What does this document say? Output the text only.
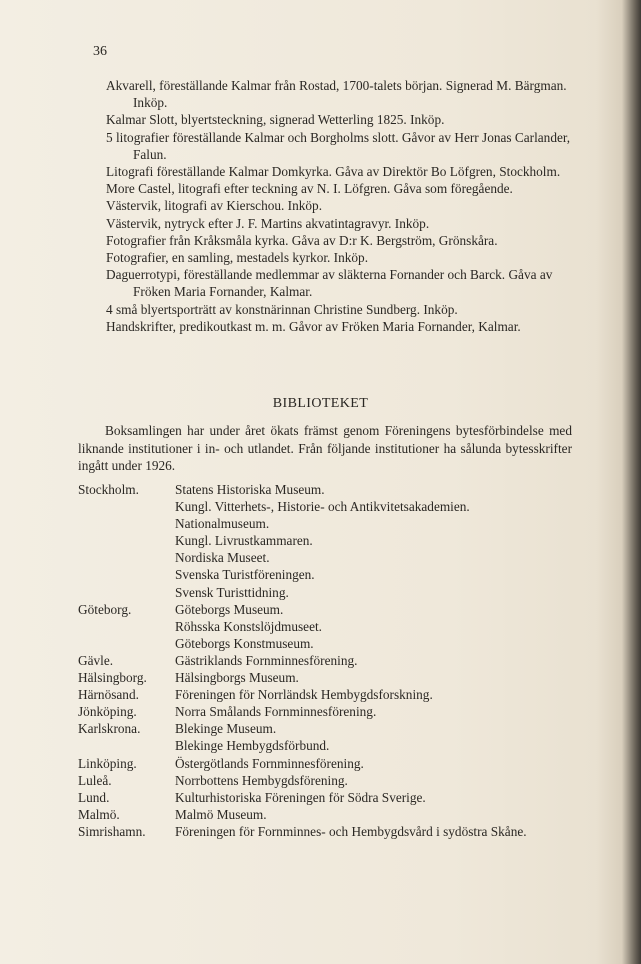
36
Akvarell, föreställande Kalmar från Rostad, 1700-talets början. Signerad M. Bärgman. Inköp.
Kalmar Slott, blyertsteckning, signerad Wetterling 1825. Inköp.
5 litografier föreställande Kalmar och Borgholms slott. Gåvor av Herr Jonas Carlander, Falun.
Litografi föreställande Kalmar Domkyrka. Gåva av Direktör Bo Löfgren, Stockholm.
More Castel, litografi efter teckning av N. I. Löfgren. Gåva som föregående.
Västervik, litografi av Kierschou. Inköp.
Västervik, nytryck efter J. F. Martins akvatintagravyr. Inköp.
Fotografier från Kråksmåla kyrka. Gåva av D:r K. Bergström, Grönskåra.
Fotografier, en samling, mestadels kyrkor. Inköp.
Daguerrotypi, föreställande medlemmar av släkterna Fornander och Barck. Gåva av Fröken Maria Fornander, Kalmar.
4 små blyertsporträtt av konstnärinnan Christine Sundberg. Inköp.
Handskrifter, predikoutkast m. m. Gåvor av Fröken Maria Fornander, Kalmar.
BIBLIOTEKET

Boksamlingen har under året ökats främst genom Föreningens bytesförbindelse med liknande institutioner i in- och utlandet. Från följande institutioner ha sålunda bytesskrifter ingått under 1926.

Stockholm.	Statens Historiska Museum.
Kungl. Vitterhets-, Historie- och Antikvitetsakademien.
Nationalmuseum.
Kungl. Livrustkammaren.
Nordiska Museet.
Svenska Turistföreningen.
Svensk Turisttidning.
Göteborg.	Göteborgs Museum.
Röhsska Konstslöjdmuseet.
Göteborgs Konstmuseum.
Gävle.	Gästriklands Fornminnesförening.
Hälsingborg.	Hälsingborgs Museum.
Härnösand.	Föreningen för Norrländsk Hembygdsforskning.
Jönköping.	Norra Smålands Fornminnesförening.
Karlskrona.	Blekinge Museum.
Blekinge Hembygdsförbund.
Linköping.	Östergötlands Fornminnesförening.
Luleå.	Norrbottens Hembygdsförening.
Lund.	Kulturhistoriska Föreningen för Södra Sverige.
Malmö.	Malmö Museum.
Simrishamn.	Föreningen för Fornminnes- och Hembygdsvård i sydöstra Skåne.
